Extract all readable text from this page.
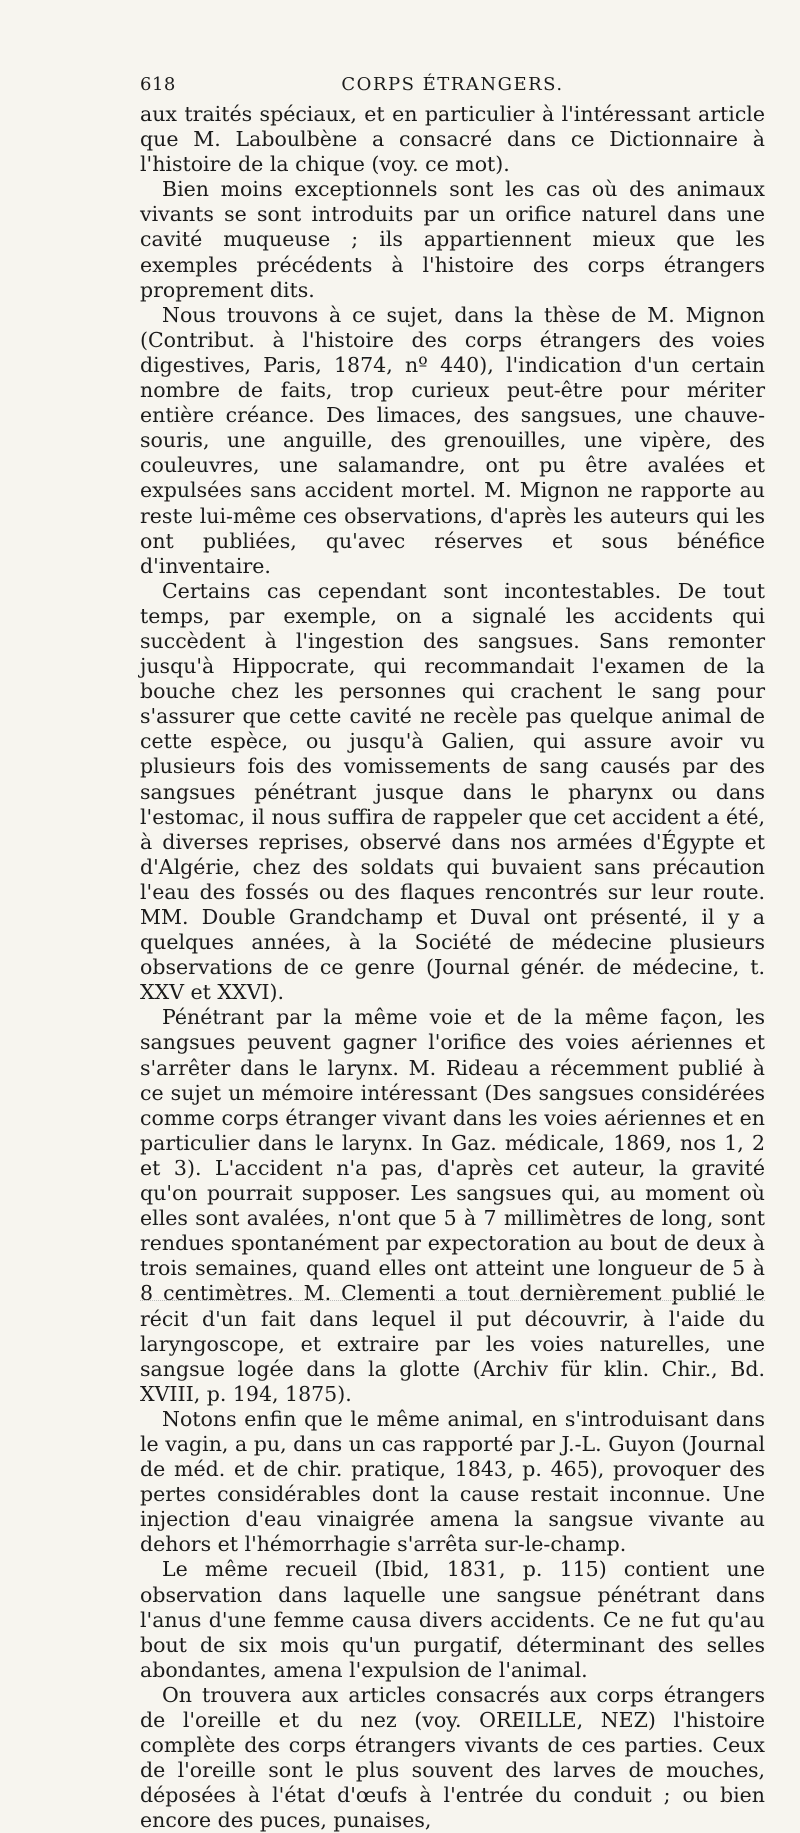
618	CORPS ÉTRANGERS.

aux traités spéciaux, et en particulier à l'intéressant article que M. Laboulbène a consacré dans ce Dictionnaire à l'histoire de la chique (voy. ce mot).

Bien moins exceptionnels sont les cas où des animaux vivants se sont introduits par un orifice naturel dans une cavité muqueuse ; ils appartiennent mieux que les exemples précédents à l'histoire des corps étrangers proprement dits.

Nous trouvons à ce sujet, dans la thèse de M. Mignon (Contribut. à l'histoire des corps étrangers des voies digestives, Paris, 1874, nº 440), l'indication d'un certain nombre de faits, trop curieux peut-être pour mériter entière créance. Des limaces, des sangsues, une chauve-souris, une anguille, des grenouilles, une vipère, des couleuvres, une salamandre, ont pu être avalées et expulsées sans accident mortel. M. Mignon ne rapporte au reste lui-même ces observations, d'après les auteurs qui les ont publiées, qu'avec réserves et sous bénéfice d'inventaire.

Certains cas cependant sont incontestables. De tout temps, par exemple, on a signalé les accidents qui succèdent à l'ingestion des sangsues. Sans remonter jusqu'à Hippocrate, qui recommandait l'examen de la bouche chez les personnes qui crachent le sang pour s'assurer que cette cavité ne recèle pas quelque animal de cette espèce, ou jusqu'à Galien, qui assure avoir vu plusieurs fois des vomissements de sang causés par des sangsues pénétrant jusque dans le pharynx ou dans l'estomac, il nous suffira de rappeler que cet accident a été, à diverses reprises, observé dans nos armées d'Égypte et d'Algérie, chez des soldats qui buvaient sans précaution l'eau des fossés ou des flaques rencontrés sur leur route. MM. Double Grandchamp et Duval ont présenté, il y a quelques années, à la Société de médecine plusieurs observations de ce genre (Journal génér. de médecine, t. XXV et XXVI).

Pénétrant par la même voie et de la même façon, les sangsues peuvent gagner l'orifice des voies aériennes et s'arrêter dans le larynx. M. Rideau a récemment publié à ce sujet un mémoire intéressant (Des sangsues considérées comme corps étranger vivant dans les voies aériennes et en particulier dans le larynx. In Gaz. médicale, 1869, nos 1, 2 et 3). L'accident n'a pas, d'après cet auteur, la gravité qu'on pourrait supposer. Les sangsues qui, au moment où elles sont avalées, n'ont que 5 à 7 millimètres de long, sont rendues spontanément par expectoration au bout de deux à trois semaines, quand elles ont atteint une longueur de 5 à 8 centimètres. M. Clementi a tout dernièrement publié le récit d'un fait dans lequel il put découvrir, à l'aide du laryngoscope, et extraire par les voies naturelles, une sangsue logée dans la glotte (Archiv für klin. Chir., Bd. XVIII, p. 194, 1875).

Notons enfin que le même animal, en s'introduisant dans le vagin, a pu, dans un cas rapporté par J.-L. Guyon (Journal de méd. et de chir. pratique, 1843, p. 465), provoquer des pertes considérables dont la cause restait inconnue. Une injection d'eau vinaigrée amena la sangsue vivante au dehors et l'hémorrhagie s'arrêta sur-le-champ.

Le même recueil (Ibid, 1831, p. 115) contient une observation dans laquelle une sangsue pénétrant dans l'anus d'une femme causa divers accidents. Ce ne fut qu'au bout de six mois qu'un purgatif, déterminant des selles abondantes, amena l'expulsion de l'animal.

On trouvera aux articles consacrés aux corps étrangers de l'oreille et du nez (voy. OREILLE, NEZ) l'histoire complète des corps étrangers vivants de ces parties. Ceux de l'oreille sont le plus souvent des larves de mouches, déposées à l'état d'œufs à l'entrée du conduit ; ou bien encore des puces, punaises,
